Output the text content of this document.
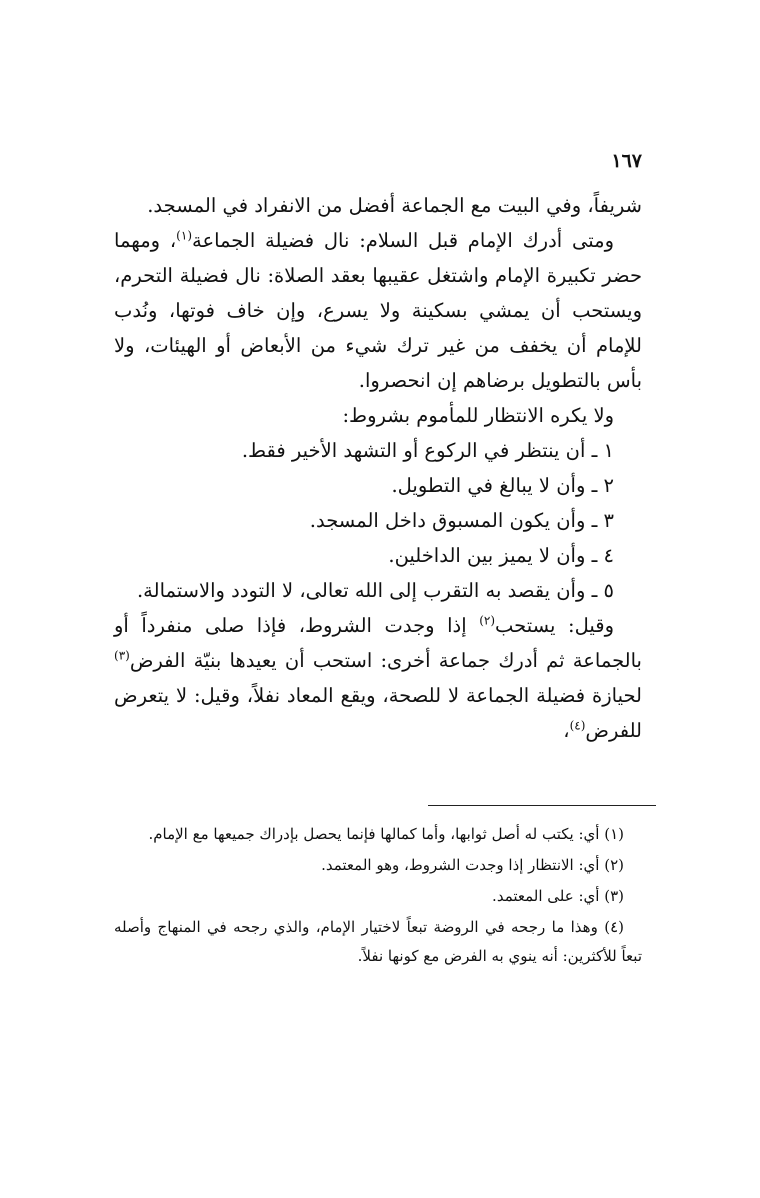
١٦٧

شريفاً، وفي البيت مع الجماعة أفضل من الانفراد في المسجد.

ومتى أدرك الإمام قبل السلام: نال فضيلة الجماعة$^{(١)}$، ومهما حضر تكبيرة الإمام واشتغل عقيبها بعقد الصلاة: نال فضيلة التحرم، ويستحب أن يمشي بسكينة ولا يسرع، وإن خاف فوتها، ونُدب للإمام أن يخفف من غير ترك شيء من الأبعاض أو الهيئات، ولا بأس بالتطويل برضاهم إن انحصروا.

ولا يكره الانتظار للمأموم بشروط:

١ ـ أن ينتظر في الركوع أو التشهد الأخير فقط.

٢ ـ وأن لا يبالغ في التطويل.

٣ ـ وأن يكون المسبوق داخل المسجد.

٤ ـ وأن لا يميز بين الداخلين.

٥ ـ وأن يقصد به التقرب إلى الله تعالى، لا التودد والاستمالة.

وقيل: يستحب$^{(٢)}$ إذا وجدت الشروط، فإذا صلى منفرداً أو بالجماعة ثم أدرك جماعة أخرى: استحب أن يعيدها بنيّة الفرض$^{(٣)}$ لحيازة فضيلة الجماعة لا للصحة، ويقع المعاد نفلاً، وقيل: لا يتعرض للفرض$^{(٤)}$،

(١) أي: يكتب له أصل ثوابها، وأما كمالها فإنما يحصل بإدراك جميعها مع الإمام.

(٢) أي: الانتظار إذا وجدت الشروط، وهو المعتمد.

(٣) أي: على المعتمد.

(٤) وهذا ما رجحه في الروضة تبعاً لاختيار الإمام، والذي رجحه في المنهاج وأصله تبعاً للأكثرين: أنه ينوي به الفرض مع كونها نفلاً.
